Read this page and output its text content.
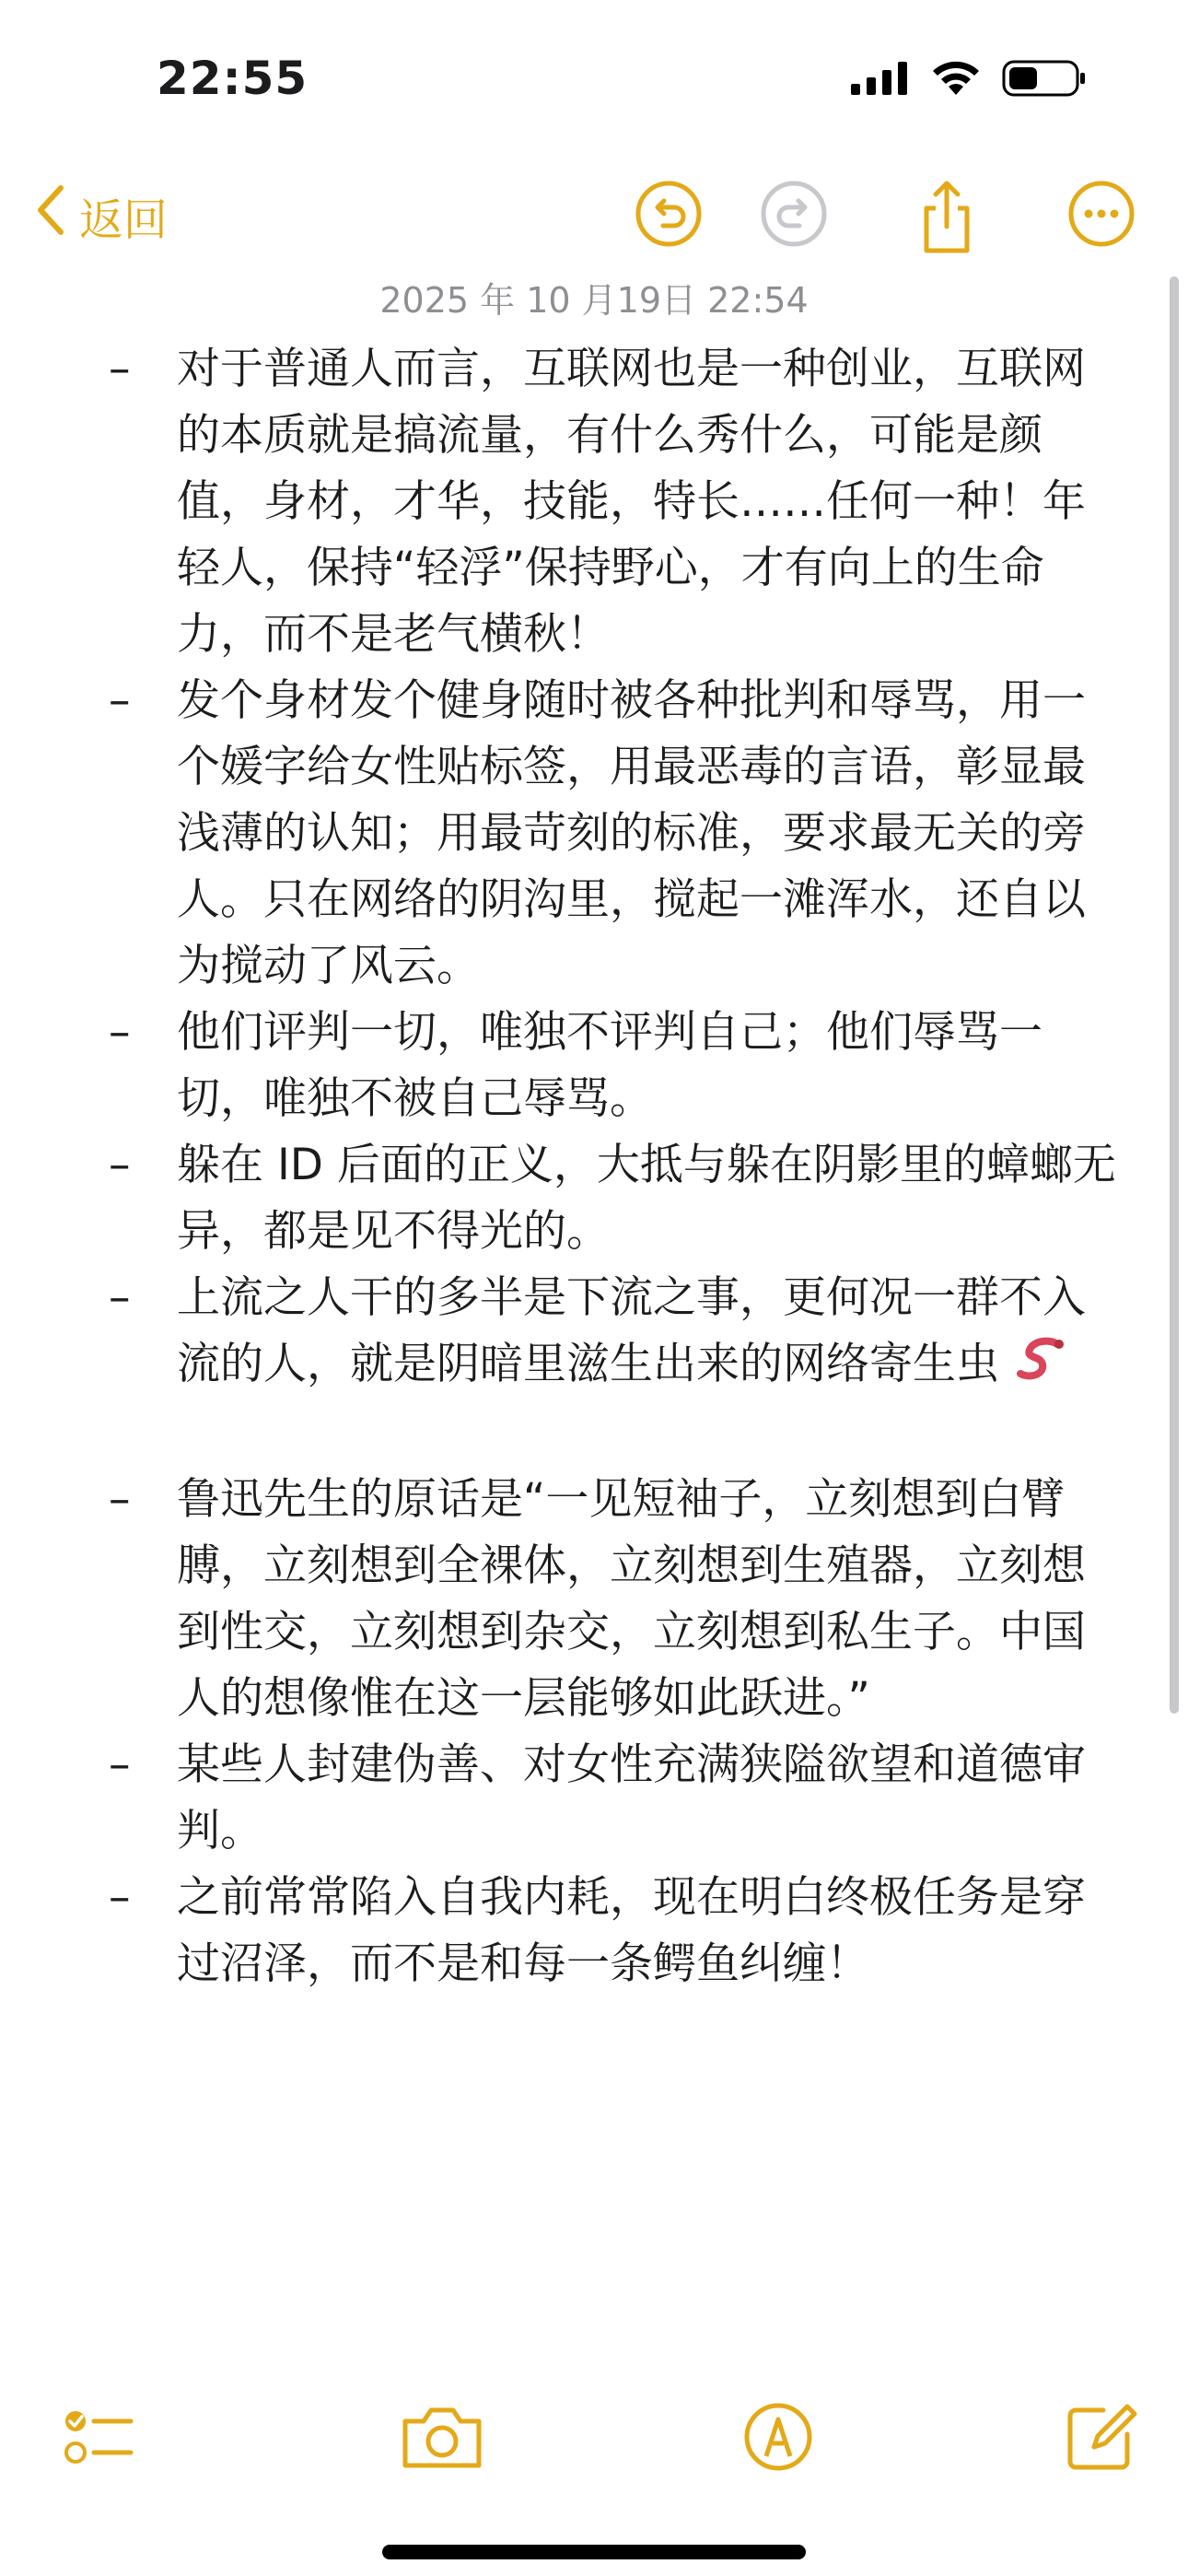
22:55
返回
2025 年 10 月19日 22:54
–	对于普通人而言，互联网也是一种创业，互联网的本质就是搞流量，有什么秀什么，可能是颜值，身材，才华，技能，特长……任何一种！年轻人，保持“轻浮”保持野心，才有向上的生命力，而不是老气横秋！
–	发个身材发个健身随时被各种批判和辱骂，用一个媛字给女性贴标签，用最恶毒的言语，彰显最浅薄的认知；用最苛刻的标准，要求最无关的旁人。只在网络的阴沟里，搅起一滩浑水，还自以为搅动了风云。
–	他们评判一切，唯独不评判自己；他们辱骂一切，唯独不被自己辱骂。
–	躲在 ID 后面的正义，大抵与躲在阴影里的蟑螂无异，都是见不得光的。
–	上流之人干的多半是下流之事，更何况一群不入流的人，就是阴暗里滋生出来的网络寄生虫
–	鲁迅先生的原话是“一见短袖子，立刻想到白臂膊，立刻想到全裸体，立刻想到生殖器，立刻想到性交，立刻想到杂交，立刻想到私生子。中国人的想像惟在这一层能够如此跃进。”
–	某些人封建伪善、对女性充满狭隘欲望和道德审判。
–	之前常常陷入自我内耗，现在明白终极任务是穿过沼泽，而不是和每一条鳄鱼纠缠！
